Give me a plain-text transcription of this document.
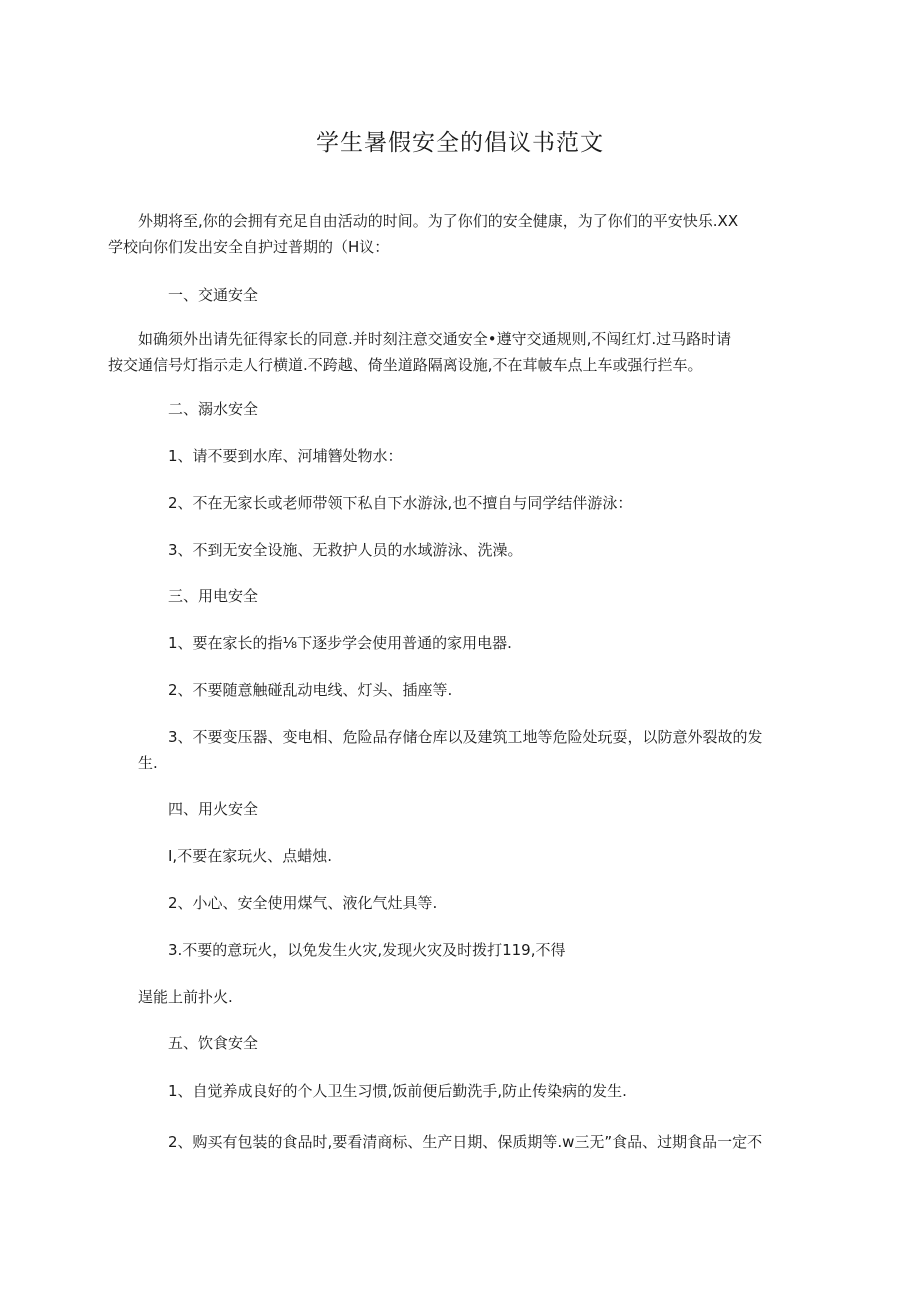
学生暑假安全的倡议书范文

外期将至,你的会拥有充足自由活动的时间。为了你们的安全健康，为了你们的平安快乐.XX
学校向你们发出安全自护过普期的（H议：

一、交通安全

如确须外出请先征得家长的同意.并时刻注意交通安全•遵守交通规则,不闯红灯.过马路时请
按交通信号灯指示走人行横道.不跨越、倚坐道路隔离设施,不在茸帔车点上车或强行拦车。

二、溺水安全

1、请不要到水库、河埔簪处物水：

2、不在无家长或老师带领下私自下水游泳,也不擅自与同学结伴游泳：

3、不到无安全设施、无救护人员的水域游泳、洗澡。

三、用电安全

1、要在家长的指⅛下逐步学会使用普通的家用电器.

2、不要随意触碰乱动电线、灯头、插座等.

3、不要变压器、变电相、危险品存储仓库以及建筑工地等危险处玩耍，以防意外裂故的发
生.

四、用火安全

I,不要在家玩火、点蜡烛.

2、小心、安全使用煤气、液化气灶具等.

3.不要的意玩火，以免发生火灾,发现火灾及时拨打119,不得

逞能上前扑火.

五、饮食安全

1、自觉养成良好的个人卫生习惯,饭前便后勤洗手,防止传染病的发生.

2、购买有包装的食品时,要看清商标、生产日期、保质期等.w三无”食品、过期食品一定不
